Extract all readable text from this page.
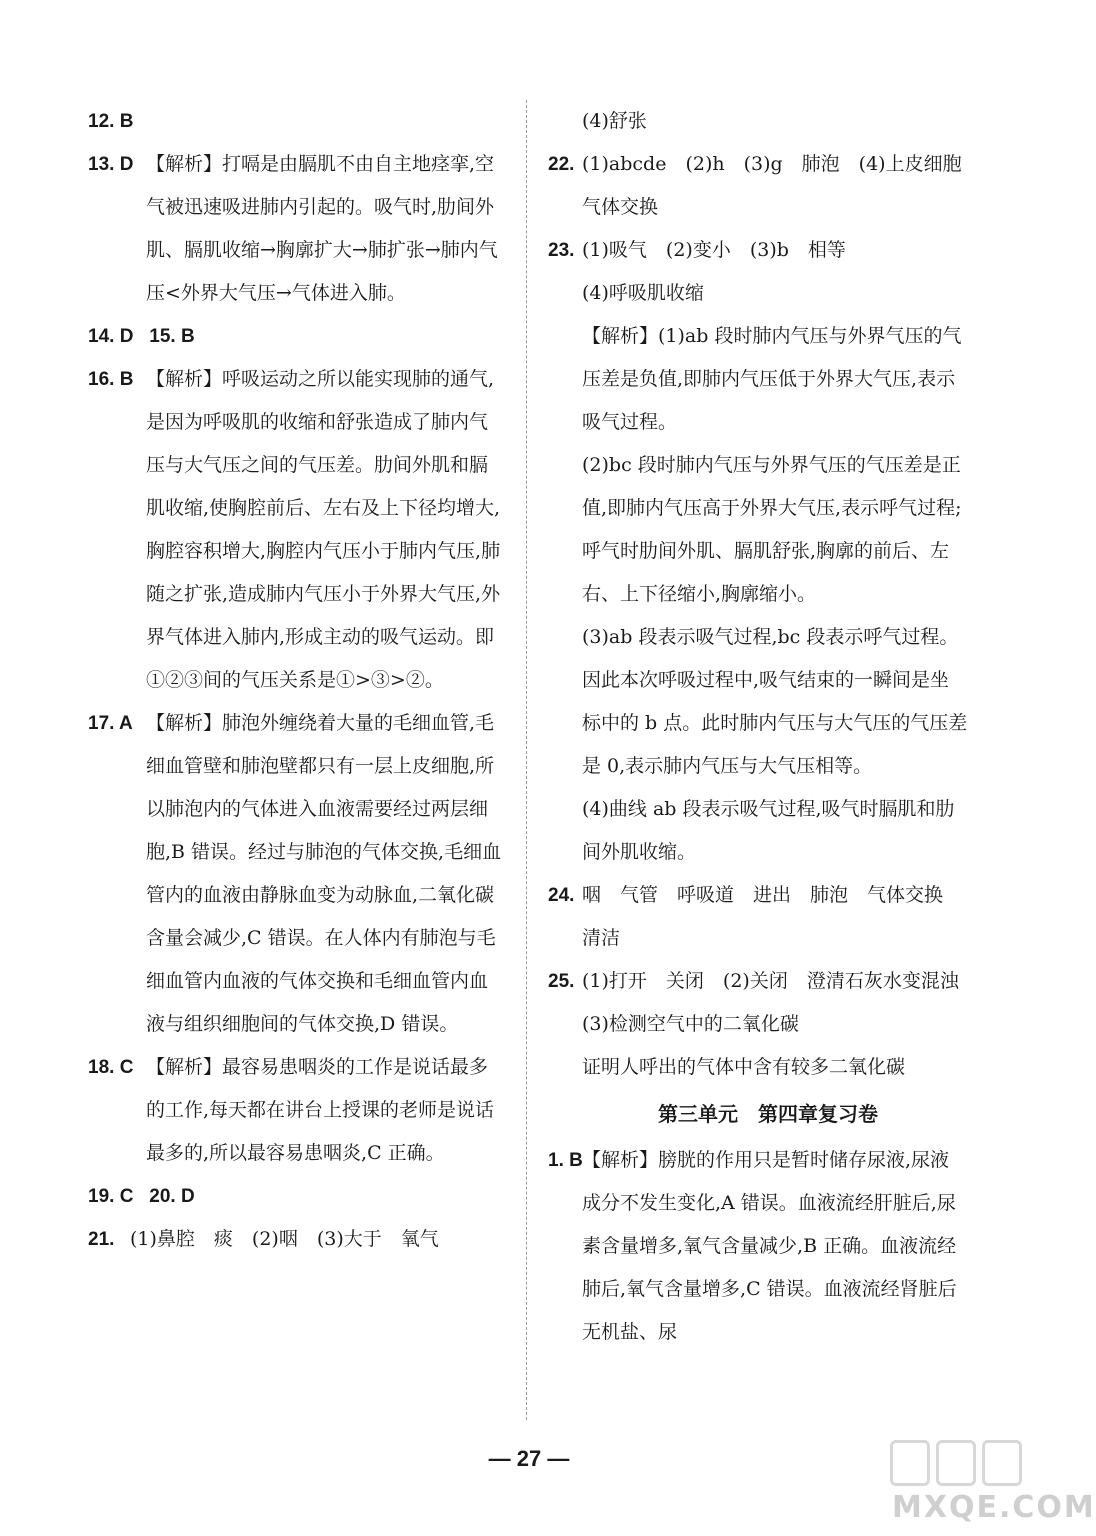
12. B

13. D 【解析】打嗝是由膈肌不由自主地痉挛,空气被迅速吸进肺内引起的。吸气时,肋间外肌、膈肌收缩→胸廓扩大→肺扩张→肺内气压<外界大气压→气体进入肺。
14. D 15. B

16. B 【解析】呼吸运动之所以能实现肺的通气,是因为呼吸肌的收缩和舒张造成了肺内气压与大气压之间的气压差。肋间外肌和膈肌收缩,使胸腔前后、左右及上下径均增大,胸腔容积增大,胸腔内气压小于肺内气压,肺随之扩张,造成肺内气压小于外界大气压,外界气体进入肺内,形成主动的吸气运动。即①②③间的气压关系是①>③>②。
17. A 【解析】肺泡外缠绕着大量的毛细血管,毛细血管壁和肺泡壁都只有一层上皮细胞,所以肺泡内的气体进入血液需要经过两层细胞,B 错误。经过与肺泡的气体交换,毛细血管内的血液由静脉血变为动脉血,二氧化碳含量会减少,C 错误。在人体内有肺泡与毛细血管内血液的气体交换和毛细血管内血液与组织细胞间的气体交换,D 错误。
18. C 【解析】最容易患咽炎的工作是说话最多的工作,每天都在讲台上授课的老师是说话最多的,所以最容易患咽炎,C 正确。
19. C 20. D

21. (1)鼻腔　痰　(2)咽　(3)大于　氧气
(4)舒张
22. (1)abcde　(2)h　(3)g　肺泡　(4)上皮细胞　气体交换
23. (1)吸气　(2)变小　(3)b　相等
(4)呼吸肌收缩
【解析】(1)ab 段时肺内气压与外界气压的气压差是负值,即肺内气压低于外界大气压,表示吸气过程。
(2)bc 段时肺内气压与外界气压的气压差是正值,即肺内气压高于外界大气压,表示呼气过程;呼气时肋间外肌、膈肌舒张,胸廓的前后、左右、上下径缩小,胸廓缩小。
(3)ab 段表示吸气过程,bc 段表示呼气过程。因此本次呼吸过程中,吸气结束的一瞬间是坐标中的 b 点。此时肺内气压与大气压的气压差是 0,表示肺内气压与大气压相等。
(4)曲线 ab 段表示吸气过程,吸气时膈肌和肋间外肌收缩。
24. 咽　气管　呼吸道　进出　肺泡　气体交换　清洁
25. (1)打开　关闭　(2)关闭　澄清石灰水变混浊　(3)检测空气中的二氧化碳
证明人呼出的气体中含有较多二氧化碳
第三单元　第四章复习卷
1. B 【解析】膀胱的作用只是暂时储存尿液,尿液成分不发生变化,A 错误。血液流经肝脏后,尿素含量增多,氧气含量减少,B 正确。血液流经肺后,氧气含量增多,C 错误。血液流经肾脏后无机盐、尿
— 27 —
MXQE.COM
